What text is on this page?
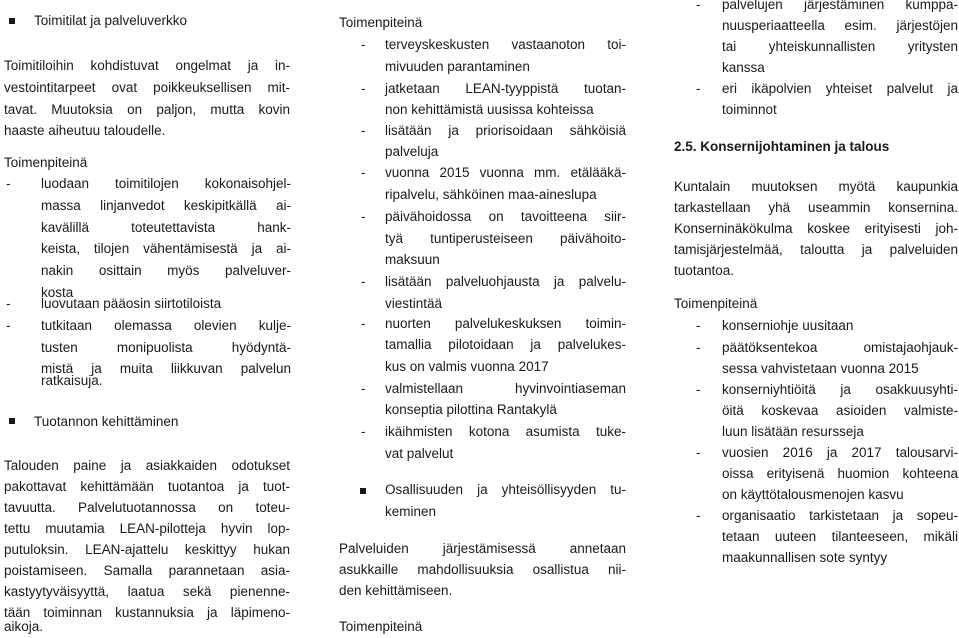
Toimitilat ja palveluverkko
Toimitiloihin kohdistuvat ongelmat ja in-
vestointitarpeet ovat poikkeuksellisen mit-
tavat. Muutoksia on paljon, mutta kovin
haaste aiheutuu taloudelle.
Toimenpiteinä
- luodaan toimitilojen kokonaisohjel-
massa linjanvedot keskipitkällä ai-
kavälillä toteutettavista hank-
keista, tilojen vähentämisestä ja ai-
nakin osittain myös palveluver-
kosta
- luovutaan pääosin siirtotiloista
- tutkitaan olemassa olevien kulje-
tusten monipuolista hyödyntä-
mistä ja muita liikkuvan palvelun
ratkaisuja.
Tuotannon kehittäminen
Talouden paine ja asiakkaiden odotukset
pakottavat kehittämään tuotantoa ja tuot-
tavuutta. Palvelutuotannossa on toteu-
tettu muutamia LEAN-pilotteja hyvin lop-
putuloksin. LEAN-ajattelu keskittyy hukan
poistamiseen. Samalla parannetaan asia-
kastyytyväisyyttä, laatua sekä pienenne-
tään toiminnan kustannuksia ja läpimeno-
aikoja.
Toimenpiteinä
- terveyskeskusten vastaanoton toi-
mivuuden parantaminen
- jatketaan LEAN-tyyppistä tuotan-
non kehittämistä uusissa kohteissa
- lisätään ja priorisoidaan sähköisiä
palveluja
- vuonna 2015 vuonna mm. etälääkä-
ripalvelu, sähköinen maa-aineslupa
- päivähoidossa on tavoitteena siir-
tyä tuntiperusteiseen päivähoito-
maksuun
- lisätään palveluohjausta ja palvelu-
viestintää
- nuorten palvelukeskuksen toimin-
tamallia pilotoidaan ja palvelukes-
kus on valmis vuonna 2017
- valmistellaan hyvinvointiaseman
konseptia pilottina Rantakylä
- ikäihmisten kotona asumista tuke-
vat palvelut
Osallisuuden ja yhteisöllisyyden tu-
keminen
Palveluiden järjestämisessä annetaan
asukkaille mahdollisuuksia osallistua nii-
den kehittämiseen.
Toimenpiteinä
- palvelujen järjestäminen kumppa-
nuusperiaatteella esim. järjestöjen
tai yhteiskunnallisten yritysten
kanssa
- eri ikäpolvien yhteiset palvelut ja
toiminnot
2.5. Konsernijohtaminen ja talous
Kuntalain muutoksen myötä kaupunkia
tarkastellaan yhä useammin konsernina.
Konserninäkökulma koskee erityisesti joh-
tamisjärjestelmää, taloutta ja palveluiden
tuotantoa.
Toimenpiteinä
- konserniohje uusitaan
- päätöksentekoa omistajaohjauk-
sessa vahvistetaan vuonna 2015
- konserniyhtiöitä ja osakkuusyhti-
öitä koskevaa asioiden valmiste-
luun lisätään resursseja
- vuosien 2016 ja 2017 talousarvi-
oissa erityisenä huomion kohteena
on käyttötalousmenojen kasvu
- organisaatio tarkistetaan ja sopeu-
tetaan uuteen tilanteeseen, mikäli
maakunnallisen sote syntyy
